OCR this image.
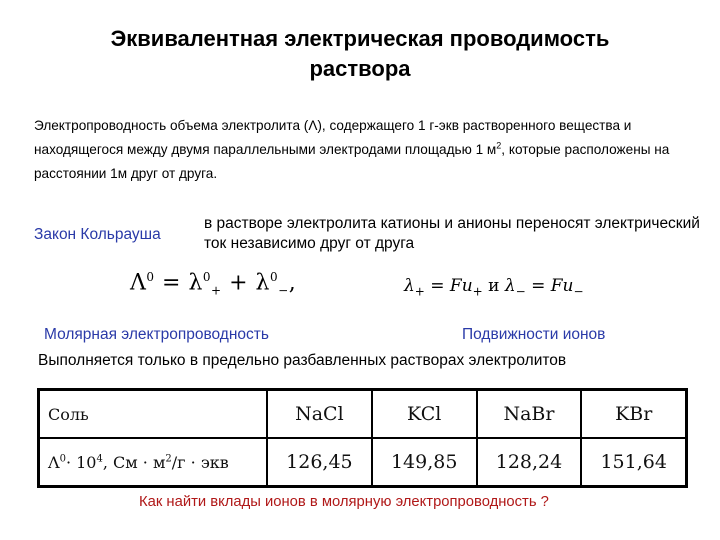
Эквивалентная электрическая проводимость
раствора
Электропроводность объема электролита (Λ), содержащего 1 г-экв растворенного вещества и находящегося между двумя параллельными электродами площадью 1 $м^2$, которые расположены на расстоянии 1м друг от друга.
Закон Кольрауша
в растворе электролита катионы и анионы переносят электрический ток независимо друг от друга
$\Lambda^0 = \lambda^0_+ + \lambda^0_-$,	$\lambda_+ = Fu_+$ и $\lambda_- = Fu_-$
Молярная электропроводность	Подвижности ионов
Выполняется только в предельно разбавленных растворах электролитов
Соль	NaCl	KCl	NaBr	KBr
$\Lambda^0\cdot 10^4$, См · $м^2/г$ · экв	126,45	149,85	128,24	151,64
Как найти вклады ионов в молярную электропроводность ?
